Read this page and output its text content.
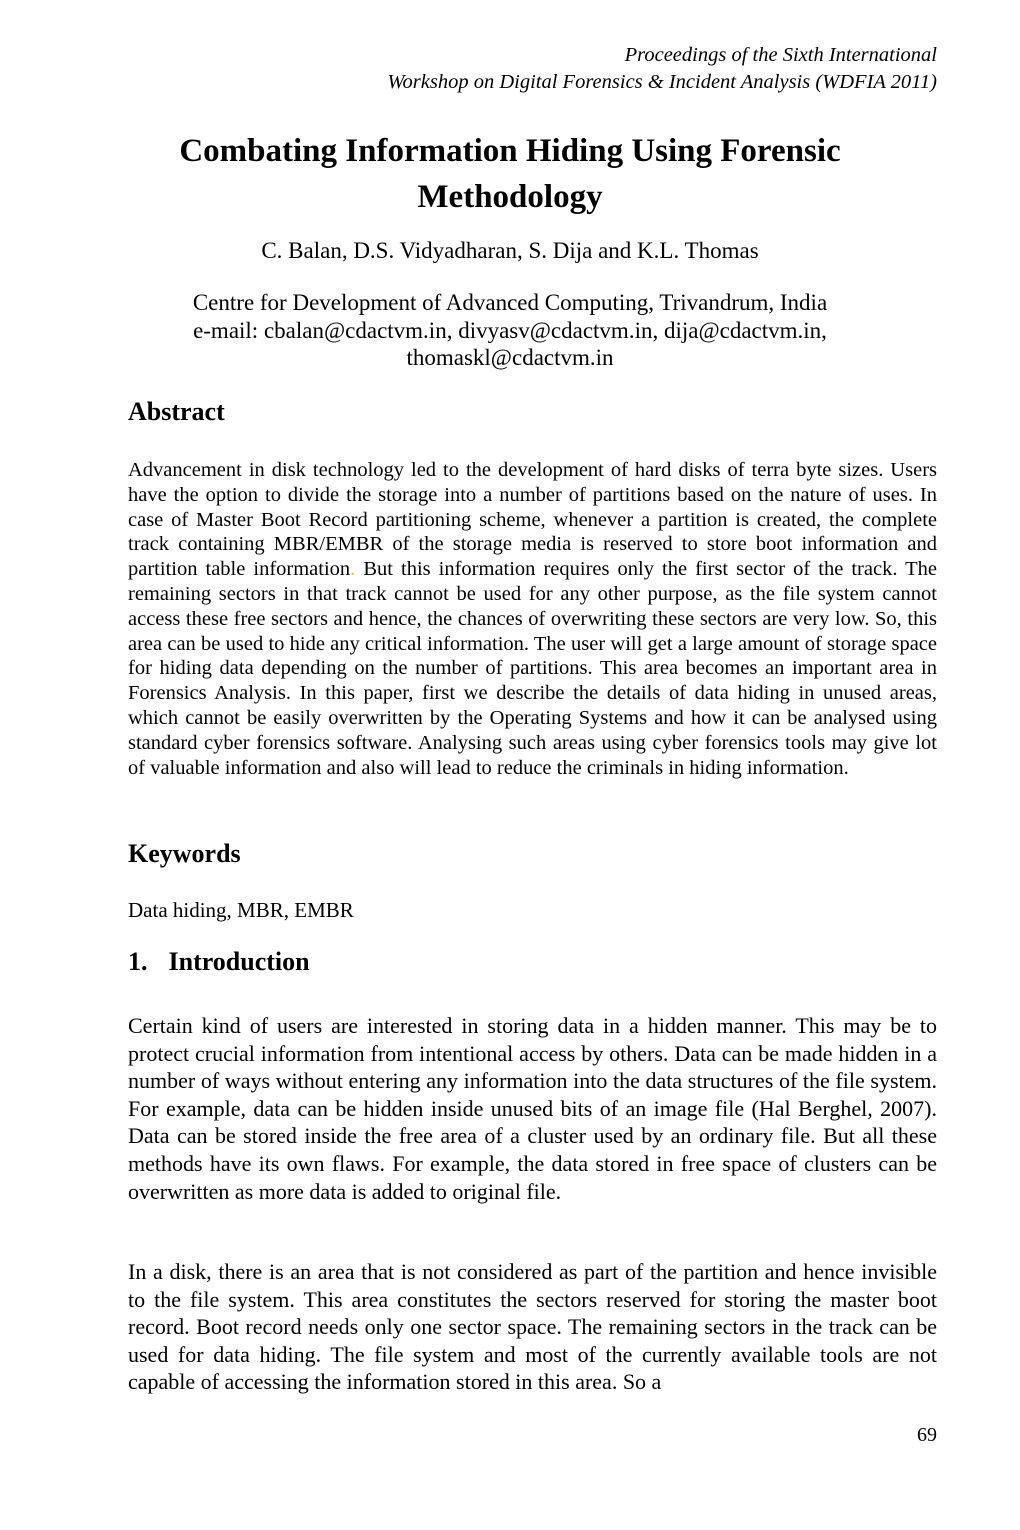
Proceedings of the Sixth International
Workshop on Digital Forensics & Incident Analysis (WDFIA 2011)
Combating Information Hiding Using Forensic
Methodology
C. Balan, D.S. Vidyadharan, S. Dija and K.L. Thomas
Centre for Development of Advanced Computing, Trivandrum, India
e-mail: cbalan@cdactvm.in, divyasv@cdactvm.in, dija@cdactvm.in,
thomaskl@cdactvm.in
Abstract

Advancement in disk technology led to the development of hard disks of terra byte sizes. Users have the option to divide the storage into a number of partitions based on the nature of uses. In case of Master Boot Record partitioning scheme, whenever a partition is created, the complete track containing MBR/EMBR of the storage media is reserved to store boot information and partition table information. But this information requires only the first sector of the track. The remaining sectors in that track cannot be used for any other purpose, as the file system cannot access these free sectors and hence, the chances of overwriting these sectors are very low. So, this area can be used to hide any critical information. The user will get a large amount of storage space for hiding data depending on the number of partitions. This area becomes an important area in Forensics Analysis. In this paper, first we describe the details of data hiding in unused areas, which cannot be easily overwritten by the Operating Systems and how it can be analysed using standard cyber forensics software. Analysing such areas using cyber forensics tools may give lot of valuable information and also will lead to reduce the criminals in hiding information.

Keywords

Data hiding, MBR, EMBR

1. Introduction

Certain kind of users are interested in storing data in a hidden manner. This may be to protect crucial information from intentional access by others. Data can be made hidden in a number of ways without entering any information into the data structures of the file system. For example, data can be hidden inside unused bits of an image file (Hal Berghel, 2007). Data can be stored inside the free area of a cluster used by an ordinary file. But all these methods have its own flaws. For example, the data stored in free space of clusters can be overwritten as more data is added to original file.

In a disk, there is an area that is not considered as part of the partition and hence invisible to the file system. This area constitutes the sectors reserved for storing the master boot record. Boot record needs only one sector space. The remaining sectors in the track can be used for data hiding. The file system and most of the currently available tools are not capable of accessing the information stored in this area. So a

69
